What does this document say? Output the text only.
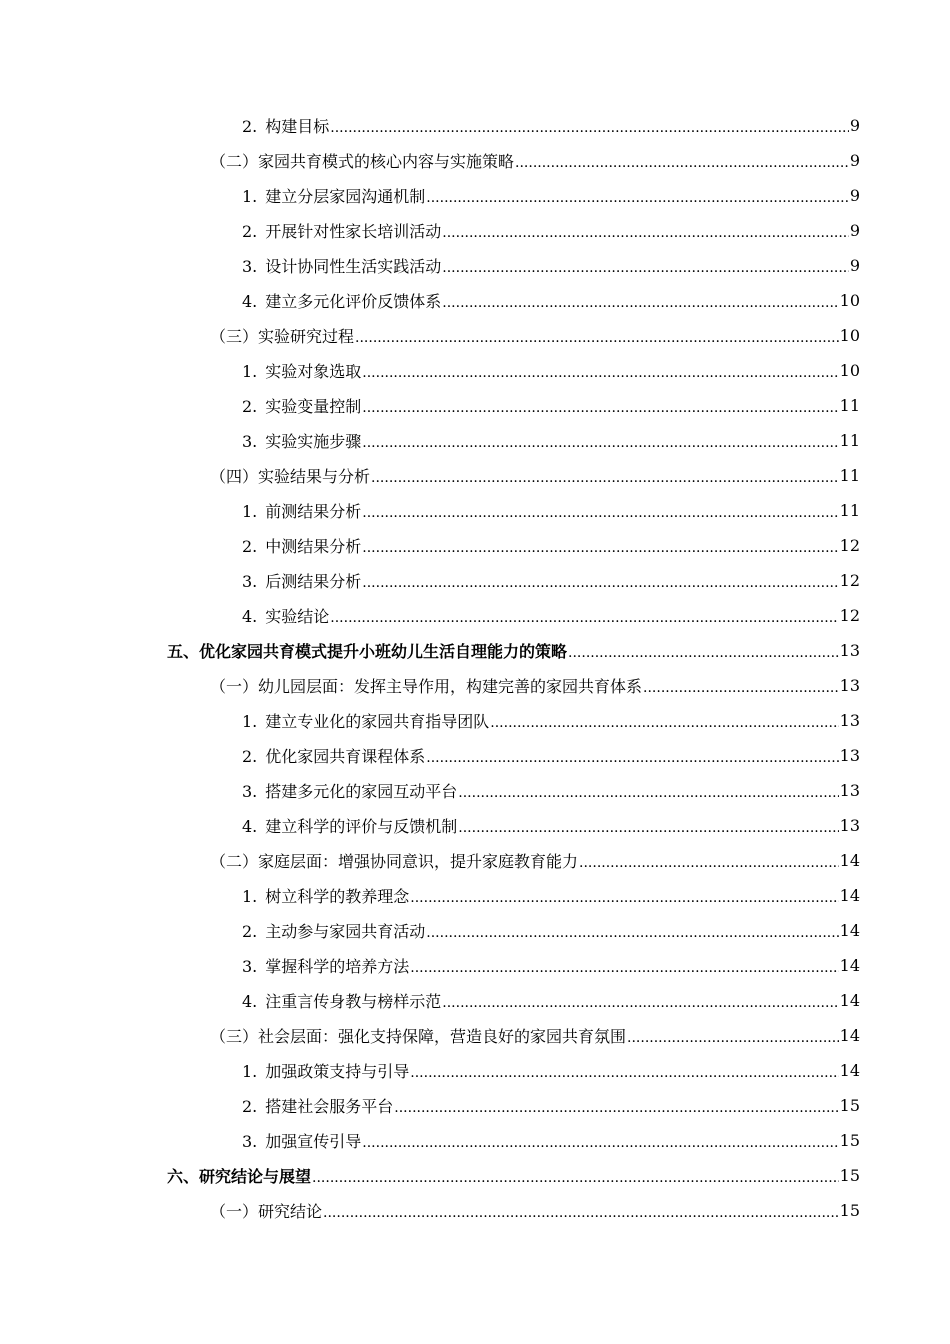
2. 构建目标 .....	9
（二）家园共育模式的核心内容与实施策略 .....	9
1. 建立分层家园沟通机制 .....	9
2. 开展针对性家长培训活动 .....	9
3. 设计协同性生活实践活动 .....	9
4. 建立多元化评价反馈体系 .....	10
（三）实验研究过程 .....	10
1. 实验对象选取 .....	10
2. 实验变量控制 .....	11
3. 实验实施步骤 .....	11
（四）实验结果与分析 .....	11
1. 前测结果分析 .....	11
2. 中测结果分析 .....	12
3. 后测结果分析 .....	12
4. 实验结论 .....	12
五、优化家园共育模式提升小班幼儿生活自理能力的策略 .....	13
（一）幼儿园层面：发挥主导作用，构建完善的家园共育体系 .....	13
1. 建立专业化的家园共育指导团队 .....	13
2. 优化家园共育课程体系 .....	13
3. 搭建多元化的家园互动平台 .....	13
4. 建立科学的评价与反馈机制 .....	13
（二）家庭层面：增强协同意识，提升家庭教育能力 .....	14
1. 树立科学的教养理念 .....	14
2. 主动参与家园共育活动 .....	14
3. 掌握科学的培养方法 .....	14
4. 注重言传身教与榜样示范 .....	14
（三）社会层面：强化支持保障，营造良好的家园共育氛围 .....	14
1. 加强政策支持与引导 .....	14
2. 搭建社会服务平台 .....	15
3. 加强宣传引导 .....	15
六、研究结论与展望 .....	15
（一）研究结论 .....	15
